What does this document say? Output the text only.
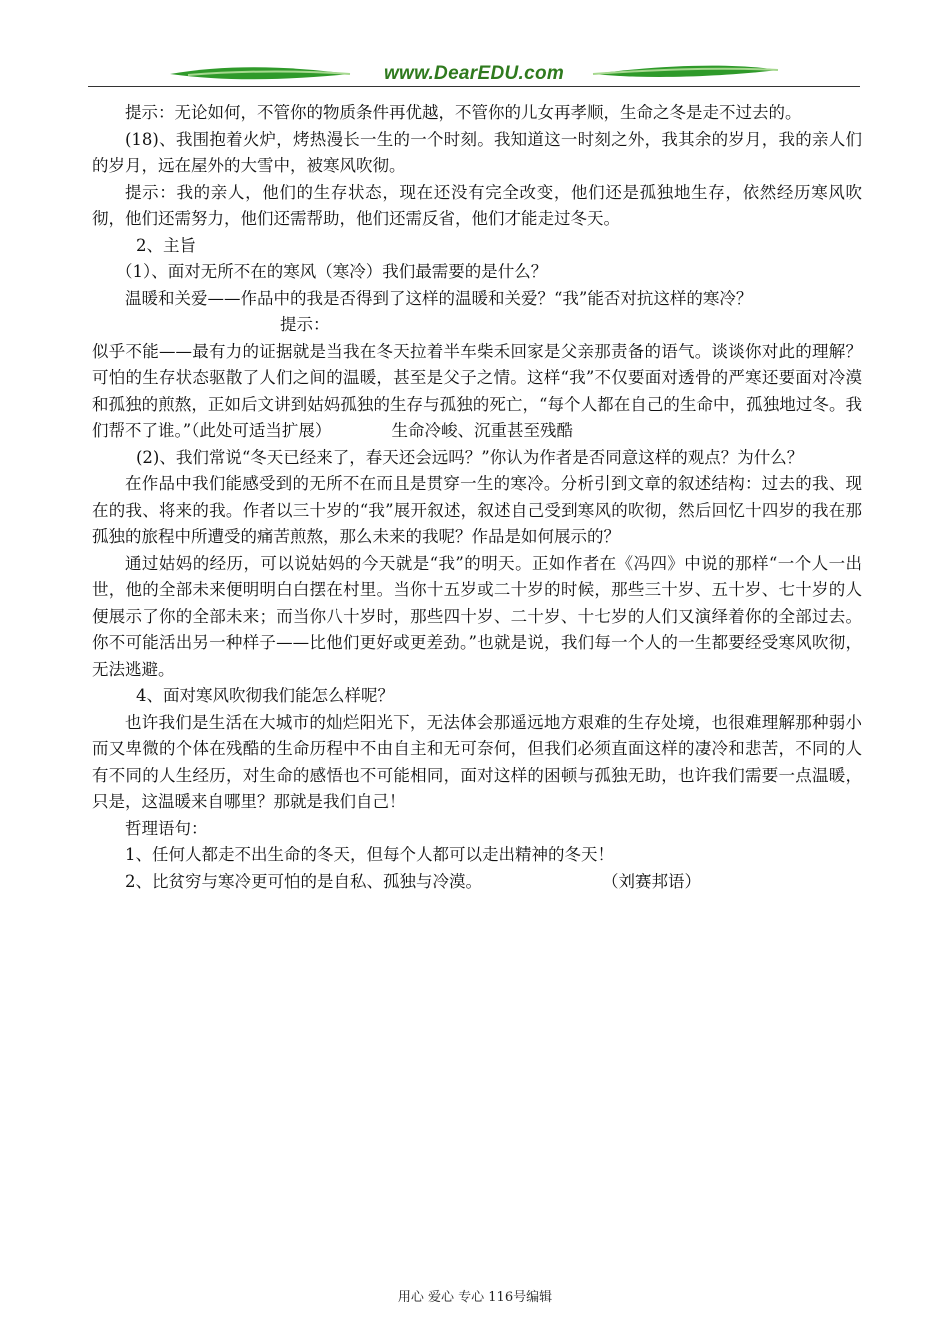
www.DearEDU.com

提示：无论如何，不管你的物质条件再优越，不管你的儿女再孝顺，生命之冬是走不过去的。

(18)、我围抱着火炉，烤热漫长一生的一个时刻。我知道这一时刻之外，我其余的岁月，我的亲人们的岁月，远在屋外的大雪中，被寒风吹彻。

提示：我的亲人，他们的生存状态，现在还没有完全改变，他们还是孤独地生存，依然经历寒风吹彻，他们还需努力，他们还需帮助，他们还需反省，他们才能走过冬天。

2、主旨

（1）、面对无所不在的寒风（寒冷）我们最需要的是什么？

温暖和关爱——作品中的我是否得到了这样的温暖和关爱？“我”能否对抗这样的寒冷？

提示：

似乎不能——最有力的证据就是当我在冬天拉着半车柴禾回家是父亲那责备的语气。谈谈你对此的理解？可怕的生存状态驱散了人们之间的温暖，甚至是父子之情。这样“我”不仅要面对透骨的严寒还要面对冷漠和孤独的煎熬，正如后文讲到姑妈孤独的生存与孤独的死亡，“每个人都在自己的生命中，孤独地过冬。我们帮不了谁。”（此处可适当扩展）	生命冷峻、沉重甚至残酷

(2)、我们常说“冬天已经来了，春天还会远吗？”你认为作者是否同意这样的观点？为什么？

在作品中我们能感受到的无所不在而且是贯穿一生的寒冷。分析引到文章的叙述结构：过去的我、现在的我、将来的我。作者以三十岁的“我”展开叙述，叙述自己受到寒风的吹彻，然后回忆十四岁的我在那孤独的旅程中所遭受的痛苦煎熬，那么未来的我呢？作品是如何展示的？

通过姑妈的经历，可以说姑妈的今天就是“我”的明天。正如作者在《冯四》中说的那样“一个人一出世，他的全部未来便明明白白摆在村里。当你十五岁或二十岁的时候，那些三十岁、五十岁、七十岁的人便展示了你的全部未来；而当你八十岁时，那些四十岁、二十岁、十七岁的人们又演绎着你的全部过去。你不可能活出另一种样子——比他们更好或更差劲。”也就是说，我们每一个人的一生都要经受寒风吹彻，无法逃避。

4、面对寒风吹彻我们能怎么样呢？

也许我们是生活在大城市的灿烂阳光下，无法体会那遥远地方艰难的生存处境，也很难理解那种弱小而又卑微的个体在残酷的生命历程中不由自主和无可奈何，但我们必须直面这样的凄冷和悲苦，不同的人有不同的人生经历，对生命的感悟也不可能相同，面对这样的困顿与孤独无助，也许我们需要一点温暖，只是，这温暖来自哪里？那就是我们自己！

哲理语句：

1、任何人都走不出生命的冬天，但每个人都可以走出精神的冬天！

2、比贫穷与寒冷更可怕的是自私、孤独与冷漠。	（刘赛邦语）

用心 爱心 专心 116号编辑
